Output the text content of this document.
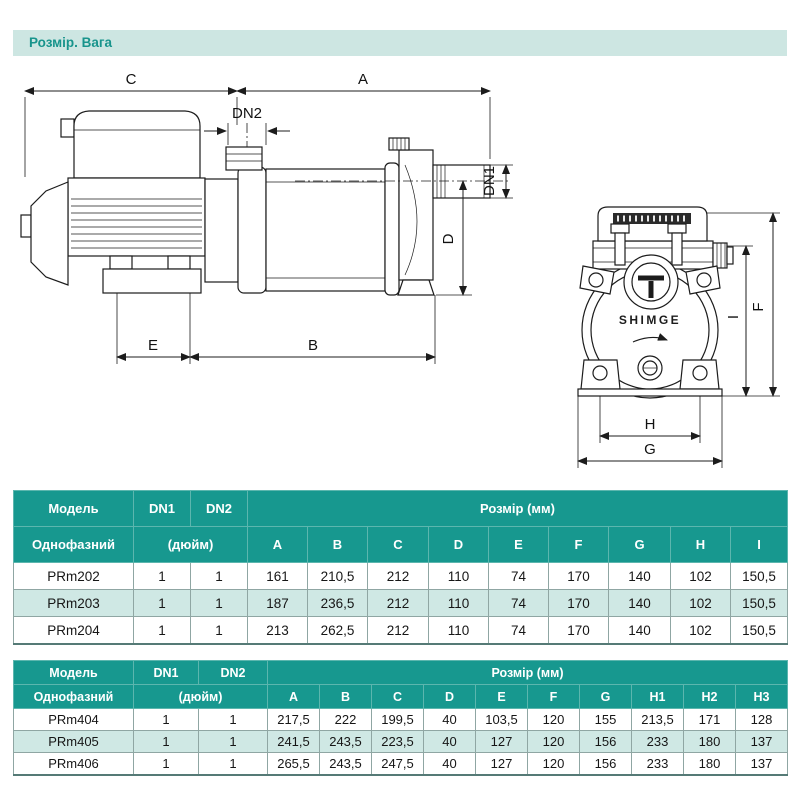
Розмір. Вага
C	A
DN2
DN1
D
E	B
SHIMGE
F
I
H
G
Модель	DN1	DN2	Розмір (мм)								
Однофазний	(дюйм)		A	B	C	D	E	F	G	H	I
PRm202	1	1	161	210,5	212	110	74	170	140	102	150,5
PRm203	1	1	187	236,5	212	110	74	170	140	102	150,5
PRm204	1	1	213	262,5	212	110	74	170	140	102	150,5
Модель	DN1	DN2	Розмір (мм)									
Однофазний	(дюйм)		A	B	C	D	E	F	G	H1	H2	H3
PRm404	1	1	217,5	222	199,5	40	103,5	120	155	213,5	171	128
PRm405	1	1	241,5	243,5	223,5	40	127	120	156	233	180	137
PRm406	1	1	265,5	243,5	247,5	40	127	120	156	233	180	137
